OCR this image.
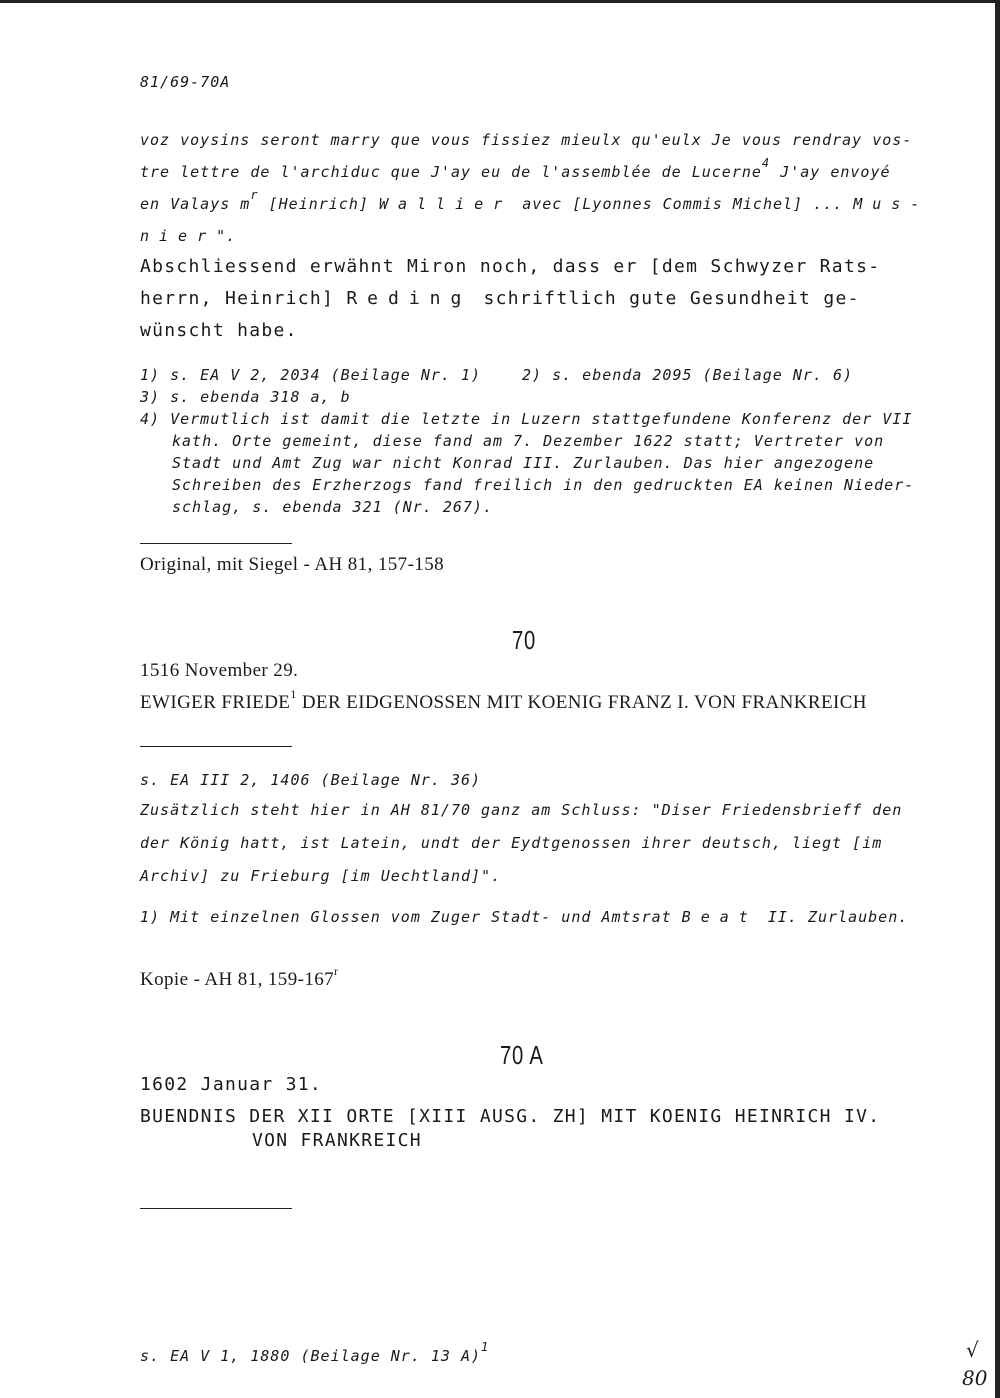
81/69-70A
voz voysins seront marry que vous fissiez mieulx qu'eulx Je vous rendray vos-
tre lettre de l'archiduc que J'ay eu de l'assemblée de Lucerne$^4$ J'ay envoyé
en Valays $m^r$ [Heinrich] Wallier avec [Lyonnes Commis Michel] ... Mus-
nier".
Abschliessend erwähnt Miron noch, dass er [dem Schwyzer Rats-
herrn, Heinrich] Reding schriftlich gute Gesundheit ge-
wünscht habe.
1) s. EA V 2, 2034 (Beilage Nr. 1)	2) s. ebenda 2095 (Beilage Nr. 6)
3) s. ebenda 318 a, b
4) Vermutlich ist damit die letzte in Luzern stattgefundene Konferenz der VII
kath. Orte gemeint, diese fand am 7. Dezember 1622 statt; Vertreter von
Stadt und Amt Zug war nicht Konrad III. Zurlauben. Das hier angezogene
Schreiben des Erzherzogs fand freilich in den gedruckten EA keinen Nieder-
schlag, s. ebenda 321 (Nr. 267).
Original, mit Siegel - AH 81, 157-158
70
1516 November 29.
EWIGER FRIEDE$^1$ DER EIDGENOSSEN MIT KOENIG FRANZ I. VON FRANKREICH
s. EA III 2, 1406 (Beilage Nr. 36)
Zusätzlich steht hier in AH 81/70 ganz am Schluss: "Diser Friedensbrieff den
der König hatt, ist Latein, undt der Eydtgenossen ihrer deutsch, liegt [im
Archiv] zu Frieburg [im Uechtland]".
1) Mit einzelnen Glossen vom Zuger Stadt- und Amtsrat Beat II. Zurlauben.
Kopie - AH 81, 159-167$^r$
70 A
1602 Januar 31.
BUENDNIS DER XII ORTE [XIII AUSG. ZH] MIT KOENIG HEINRICH IV.
VON FRANKREICH
s. EA V 1, 1880 (Beilage Nr. 13 A)$^1$	√
80
